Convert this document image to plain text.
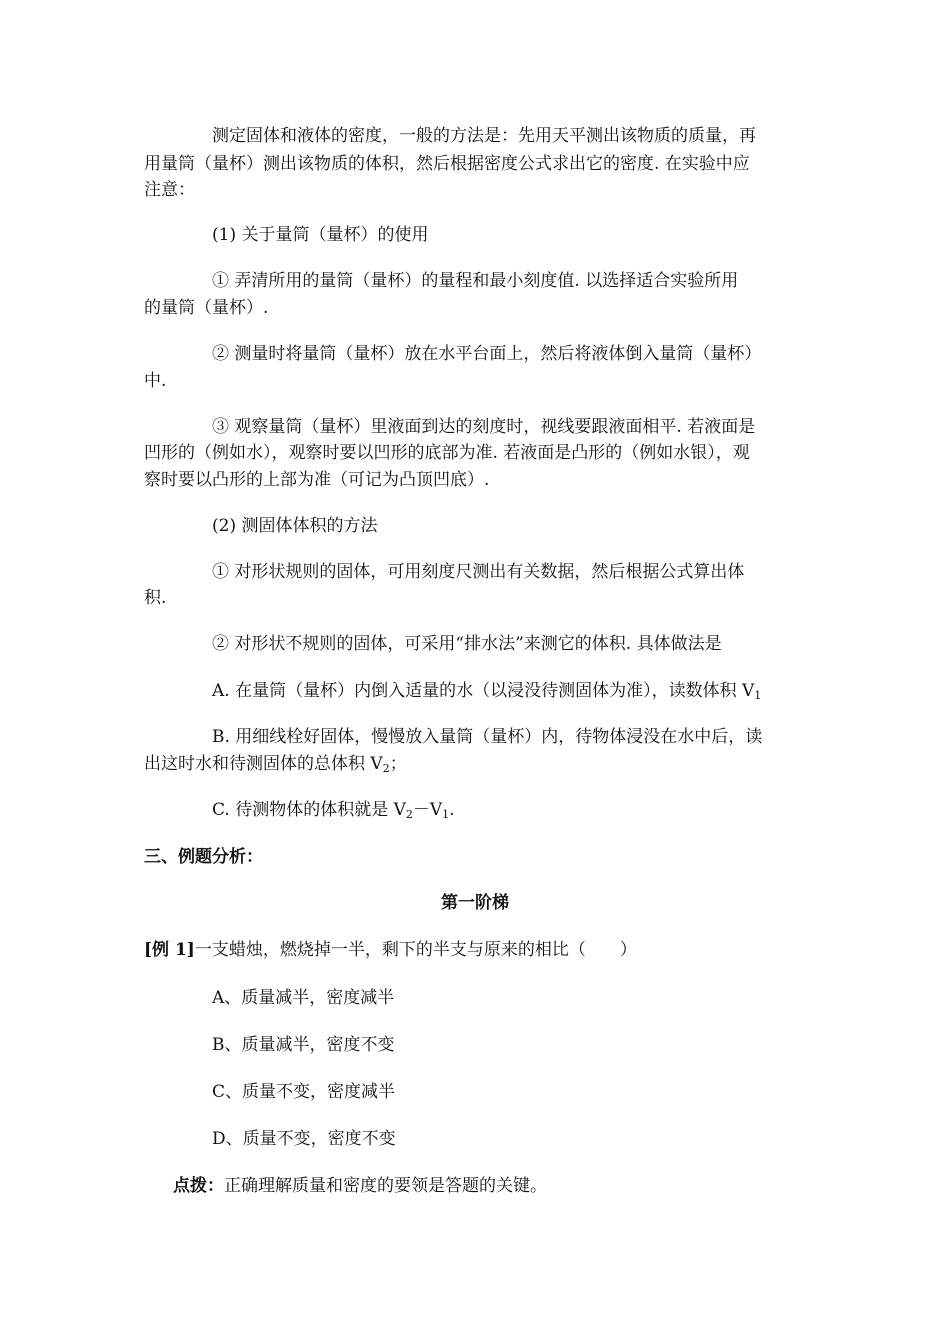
测定固体和液体的密度，一般的方法是：先用天平测出该物质的质量，再
用量筒（量杯）测出该物质的体积，然后根据密度公式求出它的密度. 在实验中应
注意：
(1) 关于量筒（量杯）的使用
① 弄清所用的量筒（量杯）的量程和最小刻度值. 以选择适合实验所用
的量筒（量杯）.
② 测量时将量筒（量杯）放在水平台面上，然后将液体倒入量筒（量杯）
中.
③ 观察量筒（量杯）里液面到达的刻度时，视线要跟液面相平. 若液面是
凹形的（例如水），观察时要以凹形的底部为准. 若液面是凸形的（例如水银），观
察时要以凸形的上部为准（可记为凸顶凹底）.
(2) 测固体体积的方法
① 对形状规则的固体，可用刻度尺测出有关数据，然后根据公式算出体
积.
② 对形状不规则的固体，可采用“排水法”来测它的体积. 具体做法是
A. 在量筒（量杯）内倒入适量的水（以浸没待测固体为准），读数体积 $V_1$
B. 用细线栓好固体，慢慢放入量筒（量杯）内，待物体浸没在水中后，读
出这时水和待测固体的总体积 $V_2$；
C. 待测物体的体积就是 $V_2-V_1$.
三、例题分析：
第一阶梯
[例 1]一支蜡烛，燃烧掉一半，剩下的半支与原来的相比（　　）
A、质量减半，密度减半
B、质量减半，密度不变
C、质量不变，密度减半
D、质量不变，密度不变
点拨：正确理解质量和密度的要领是答题的关键。
